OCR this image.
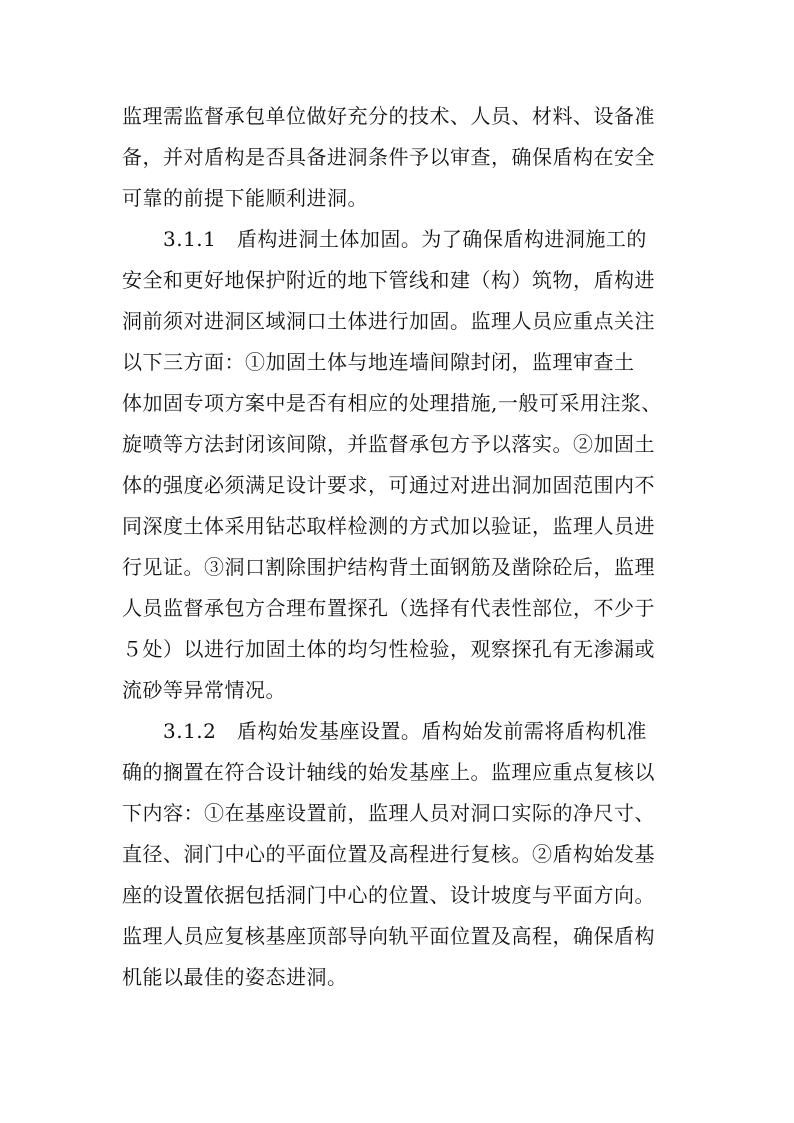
监理需监督承包单位做好充分的技术、人员、材料、设备准
备，并对盾构是否具备进洞条件予以审查，确保盾构在安全
可靠的前提下能顺利进洞。
　　3.1.1　盾构进洞土体加固。为了确保盾构进洞施工的
安全和更好地保护附近的地下管线和建（构）筑物，盾构进
洞前须对进洞区域洞口土体进行加固。监理人员应重点关注
以下三方面：①加固土体与地连墙间隙封闭，监理审查土
体加固专项方案中是否有相应的处理措施,一般可采用注浆、
旋喷等方法封闭该间隙，并监督承包方予以落实。②加固土
体的强度必须满足设计要求，可通过对进出洞加固范围内不
同深度土体采用钻芯取样检测的方式加以验证，监理人员进
行见证。③洞口割除围护结构背土面钢筋及凿除砼后，监理
人员监督承包方合理布置探孔（选择有代表性部位，不少于
５处）以进行加固土体的均匀性检验，观察探孔有无渗漏或
流砂等异常情况。
　　3.1.2　盾构始发基座设置。盾构始发前需将盾构机准
确的搁置在符合设计轴线的始发基座上。监理应重点复核以
下内容：①在基座设置前，监理人员对洞口实际的净尺寸、
直径、洞门中心的平面位置及高程进行复核。②盾构始发基
座的设置依据包括洞门中心的位置、设计坡度与平面方向。
监理人员应复核基座顶部导向轨平面位置及高程，确保盾构
机能以最佳的姿态进洞。
